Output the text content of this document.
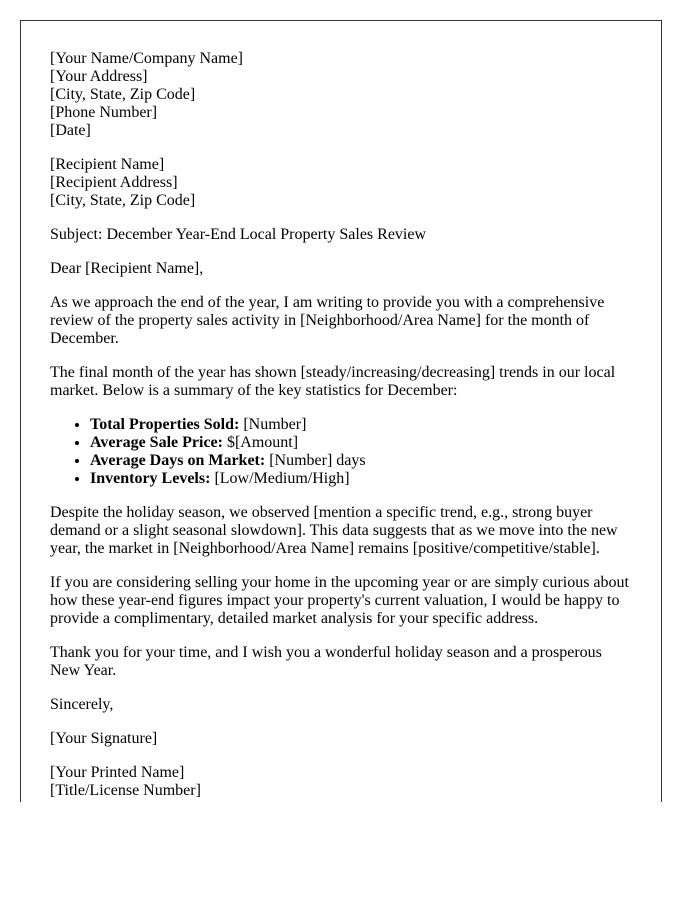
[Your Name/Company Name]
[Your Address]
[City, State, Zip Code]
[Phone Number]
[Date]

[Recipient Name]
[Recipient Address]
[City, State, Zip Code]

Subject: December Year-End Local Property Sales Review

Dear [Recipient Name],

As we approach the end of the year, I am writing to provide you with a comprehensive review of the property sales activity in [Neighborhood/Area Name] for the month of December.

The final month of the year has shown [steady/increasing/decreasing] trends in our local market. Below is a summary of the key statistics for December:

• Total Properties Sold: [Number]
• Average Sale Price: $[Amount]
• Average Days on Market: [Number] days
• Inventory Levels: [Low/Medium/High]

Despite the holiday season, we observed [mention a specific trend, e.g., strong buyer demand or a slight seasonal slowdown]. This data suggests that as we move into the new year, the market in [Neighborhood/Area Name] remains [positive/competitive/stable].

If you are considering selling your home in the upcoming year or are simply curious about how these year-end figures impact your property's current valuation, I would be happy to provide a complimentary, detailed market analysis for your specific address.

Thank you for your time, and I wish you a wonderful holiday season and a prosperous New Year.

Sincerely,

[Your Signature]

[Your Printed Name]
[Title/License Number]
